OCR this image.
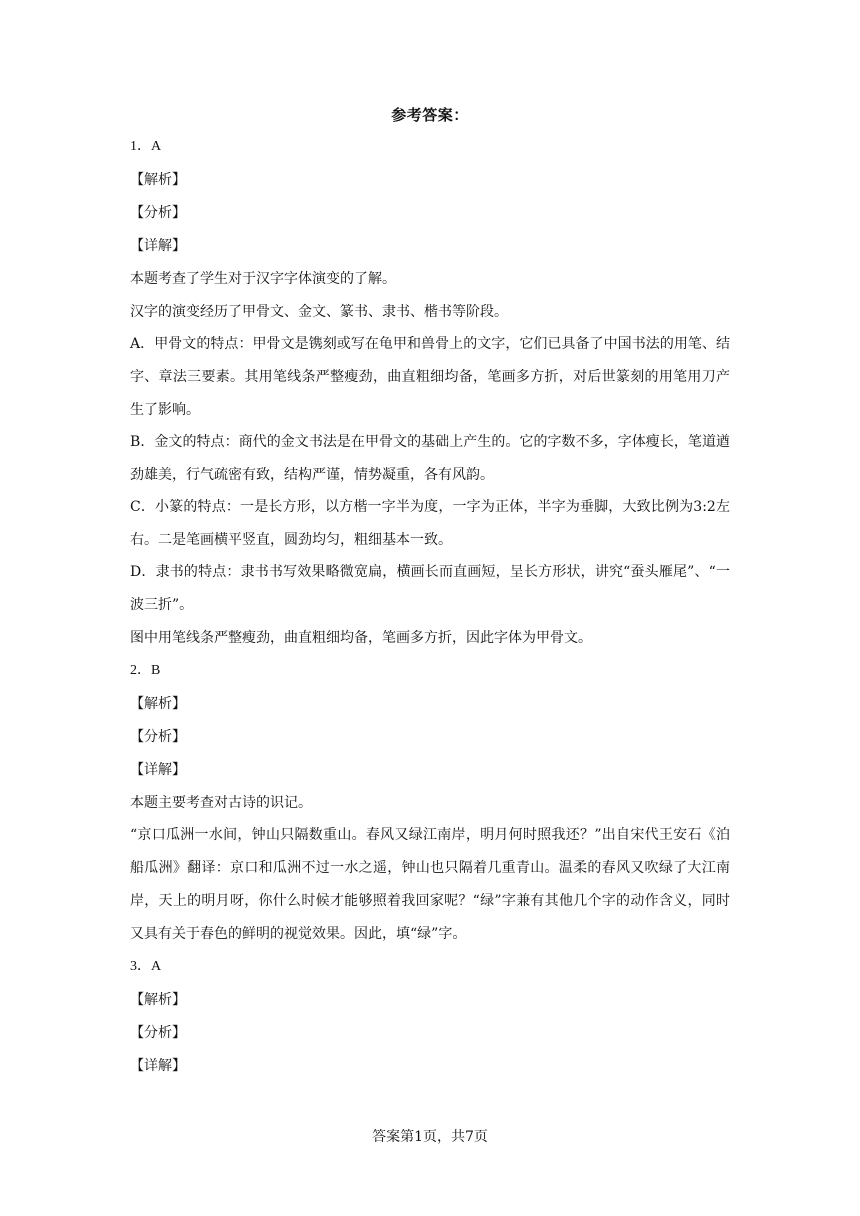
参考答案：
1．A
【解析】
【分析】
【详解】
本题考查了学生对于汉字字体演变的了解。
汉字的演变经历了甲骨文、金文、篆书、隶书、楷书等阶段。
A．甲骨文的特点：甲骨文是镌刻或写在龟甲和兽骨上的文字，它们已具备了中国书法的用笔、结字、章法三要素。其用笔线条严整瘦劲，曲直粗细均备，笔画多方折，对后世篆刻的用笔用刀产生了影响。
B．金文的特点：商代的金文书法是在甲骨文的基础上产生的。它的字数不多，字体瘦长，笔道遒劲雄美，行气疏密有致，结构严谨，情势凝重，各有风韵。
C．小篆的特点：一是长方形，以方楷一字半为度，一字为正体，半字为垂脚，大致比例为3:2左右。二是笔画横平竖直，圆劲均匀，粗细基本一致。
D．隶书的特点：隶书书写效果略微宽扁，横画长而直画短，呈长方形状，讲究“蚕头雁尾”、“一波三折”。
图中用笔线条严整瘦劲，曲直粗细均备，笔画多方折，因此字体为甲骨文。
2．B
【解析】
【分析】
【详解】
本题主要考查对古诗的识记。
“京口瓜洲一水间，钟山只隔数重山。春风又绿江南岸，明月何时照我还？”出自宋代王安石《泊船瓜洲》翻译：京口和瓜洲不过一水之遥，钟山也只隔着几重青山。温柔的春风又吹绿了大江南岸，天上的明月呀，你什么时候才能够照着我回家呢？“绿”字兼有其他几个字的动作含义，同时又具有关于春色的鲜明的视觉效果。因此，填“绿”字。
3．A
【解析】
【分析】
【详解】
答案第1页，共7页
